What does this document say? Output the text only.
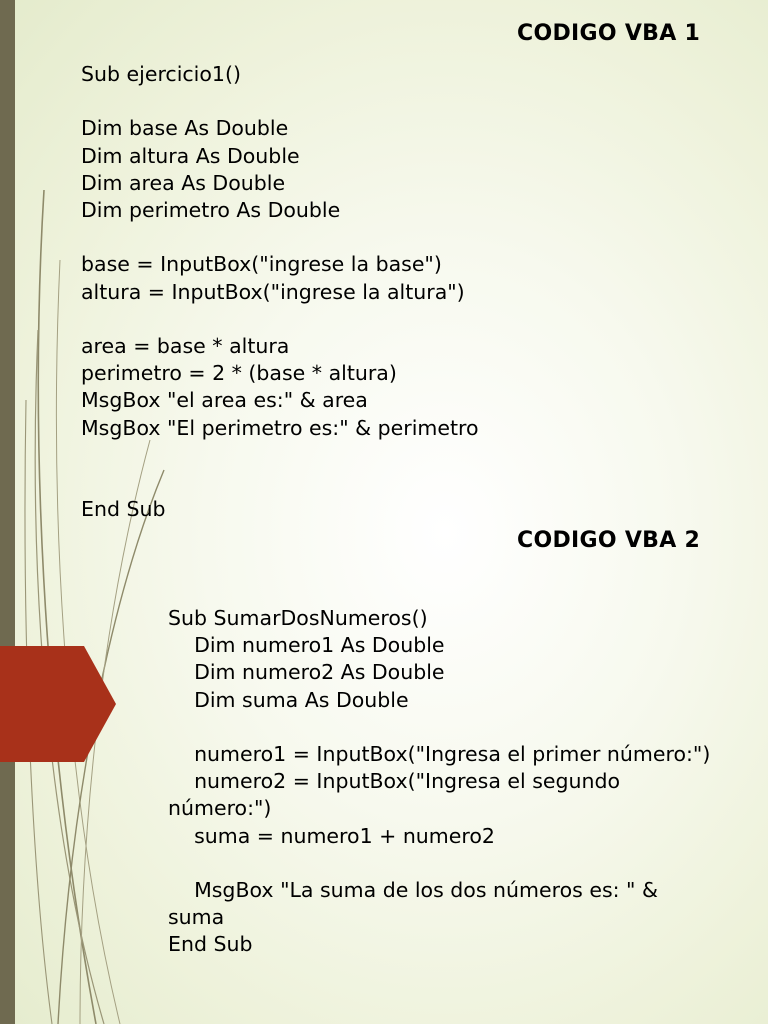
CODIGO VBA 1
Sub ejercicio1()

Dim base As Double
Dim altura As Double
Dim area As Double
Dim perimetro As Double

base = InputBox("ingrese la base")
altura = InputBox("ingrese la altura")

area = base * altura
perimetro = 2 * (base * altura)
MsgBox "el area es:" & area
MsgBox "El perimetro es:" & perimetro

End Sub
CODIGO VBA 2
Sub SumarDosNumeros()
Dim numero1 As Double
Dim numero2 As Double
Dim suma As Double

numero1 = InputBox("Ingresa el primer número:")
numero2 = InputBox("Ingresa el segundo
número:")
suma = numero1 + numero2

MsgBox "La suma de los dos números es: " &
suma
End Sub
